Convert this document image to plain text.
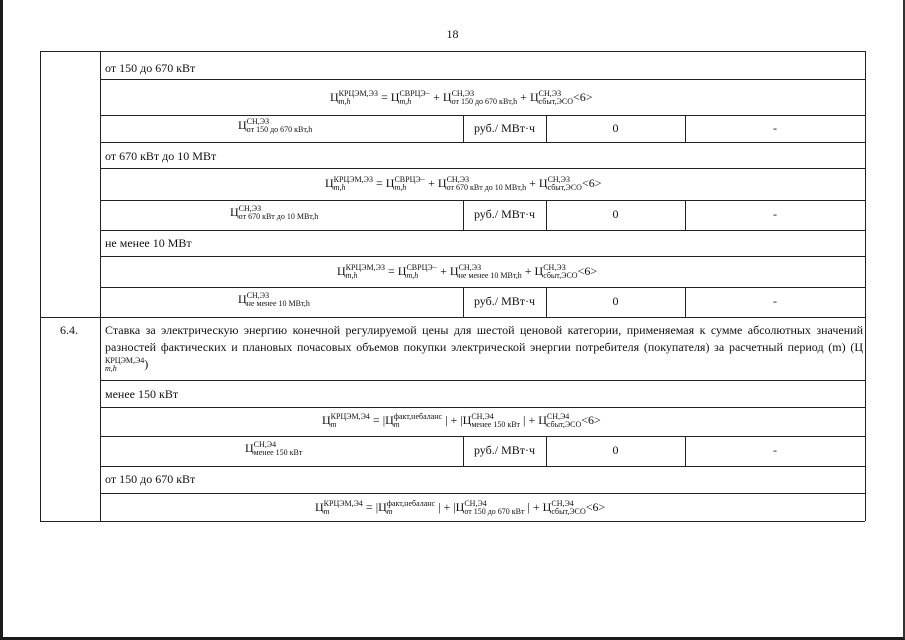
18
от 150 до 670 кВт
Ц КРЦЭМ,ЭЗ
m,h	= Ц СВРЦЭ−
m,h	+ Ц СН,ЭЗ
от 150 до 670 кВт,h + Ц СН,ЭЗ
сбыт,ЭСО <6>
Ц СН,ЭЗ
от 150 до 670 кВт,h	руб./ МВт·ч	0	-
от 670 кВт до 10 МВт
Ц КРЦЭМ,ЭЗ
m,h	= Ц СВРЦЭ−
m,h	+ Ц СН,ЭЗ
от 670 кВт до 10 МВт,h + Ц СН,ЭЗ
сбыт,ЭСО <6>
Ц СН,ЭЗ
от 670 кВт до 10 МВт,h	руб./ МВт·ч	0	-
не менее 10 МВт
Ц КРЦЭМ,ЭЗ
m,h	= Ц СВРЦЭ−
m,h	+ Ц СН,ЭЗ
не менее 10 МВт,h + Ц СН,ЭЗ
сбыт,ЭСО <6>
Ц СН,ЭЗ
не менее 10 МВт,h	руб./ МВт·ч	0	-
6.4. Ставка за электрическую энергию конечной регулируемой цены для шестой ценовой категории, применяемая к сумме абсолютных значений разностей фактических и плановых почасовых объемов покупки электрической энергии потребителя (покупателя) за расчетный период (m) (Ц
КРЦЭМ,Э4
m,h	)
менее 150 кВт
Ц КРЦЭМ,Э4
m	= |Ц факт,небаланс
m	| + |Ц СН,Э4
менее 150 кВт | + Ц СН,Э4
сбыт,ЭСО <6>
Ц СН,Э4
менее 150 кВт	руб./ МВт·ч	0	-
от 150 до 670 кВт
Ц КРЦЭМ,Э4
m	= |Ц факт,небаланс
m	| + |Ц СН,Э4
от 150 до 670 кВт | + Ц СН,Э4
сбыт,ЭСО <6>
